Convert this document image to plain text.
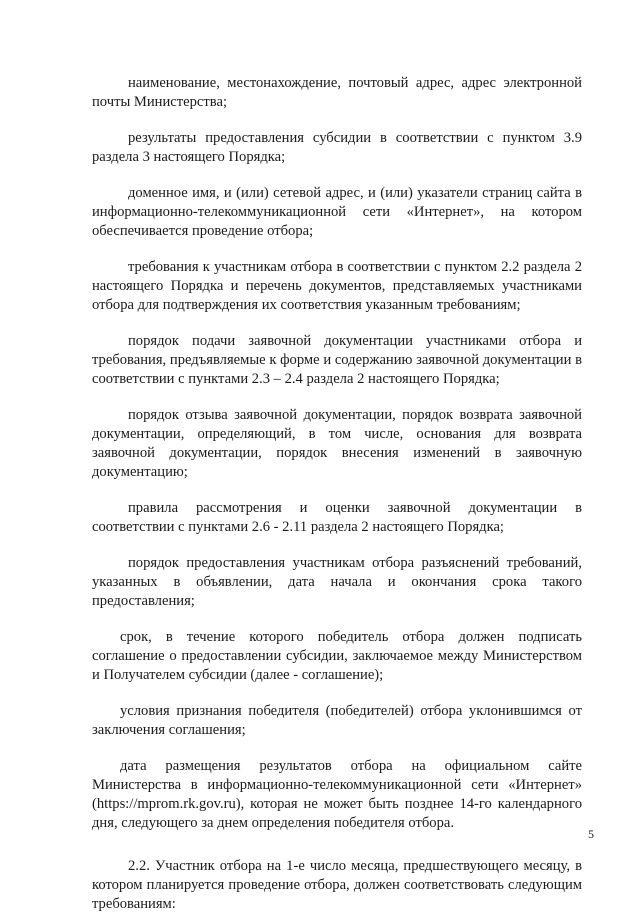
наименование, местонахождение, почтовый адрес, адрес электронной почты Министерства;

результаты предоставления субсидии в соответствии с пунктом 3.9 раздела 3 настоящего Порядка;

доменное имя, и (или) сетевой адрес, и (или) указатели страниц сайта в информационно-телекоммуникационной сети «Интернет», на котором обеспечивается проведение отбора;

требования к участникам отбора в соответствии с пунктом 2.2 раздела 2 настоящего Порядка и перечень документов, представляемых участниками отбора для подтверждения их соответствия указанным требованиям;

порядок подачи заявочной документации участниками отбора и требования, предъявляемые к форме и содержанию заявочной документации в соответствии с пунктами 2.3 – 2.4 раздела 2 настоящего Порядка;

порядок отзыва заявочной документации, порядок возврата заявочной документации, определяющий, в том числе, основания для возврата заявочной документации, порядок внесения изменений в заявочную документацию;

правила рассмотрения и оценки заявочной документации в соответствии с пунктами 2.6 - 2.11 раздела 2 настоящего Порядка;

порядок предоставления участникам отбора разъяснений требований, указанных в объявлении, дата начала и окончания срока такого предоставления;

срок, в течение которого победитель отбора должен подписать соглашение о предоставлении субсидии, заключаемое между Министерством и Получателем субсидии (далее - соглашение);

условия признания победителя (победителей) отбора уклонившимся от заключения соглашения;

дата размещения результатов отбора на официальном сайте Министерства в информационно-телекоммуникационной сети «Интернет» (https://mprom.rk.gov.ru), которая не может быть позднее 14-го календарного дня, следующего за днем определения победителя отбора.

2.2. Участник отбора на 1-е число месяца, предшествующего месяцу, в котором планируется проведение отбора, должен соответствовать следующим требованиям:

5
